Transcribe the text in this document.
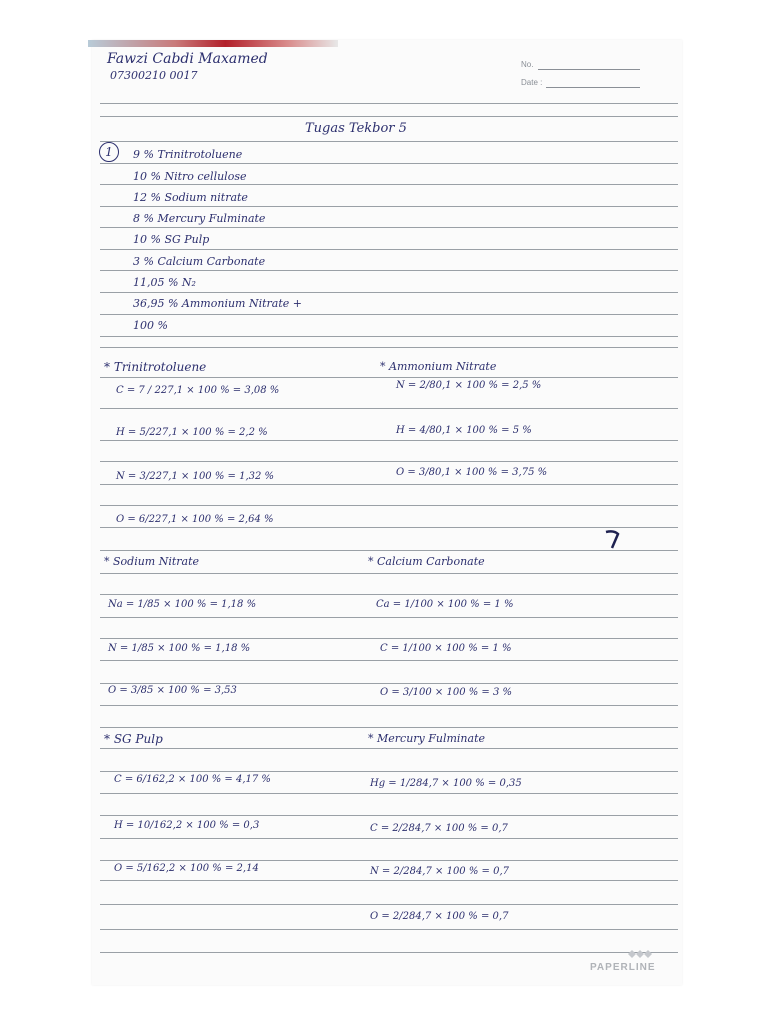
Fawzi Cabdi Maxamed
07300210 0017
No.
Date :
Tugas Tekbor 5
1	9 % Trinitrotoluene
10 % Nitro cellulose
12 % Sodium nitrate
8 % Mercury Fulminate
10 % SG Pulp
3 % Calcium Carbonate
11,05 % N₂
36,95 % Ammonium Nitrate +
100 %
* Trinitrotoluene
C = 7 / 227,1 × 100 % = 3,08 %
H = 5/227,1 × 100 % = 2,2 %
N = 3/227,1 × 100 % = 1,32 %
O = 6/227,1 × 100 % = 2,64 %
* Ammonium Nitrate
N = 2/80,1 × 100 % = 2,5 %
H = 4/80,1 × 100 % = 5 %
O = 3/80,1 × 100 % = 3,75 %
* Sodium Nitrate
Na = 1/85 × 100 % = 1,18 %
N = 1/85 × 100 % = 1,18 %
O = 3/85 × 100 % = 3,53
* Calcium Carbonate
Ca = 1/100 × 100 % = 1 %
C = 1/100 × 100 % = 1 %
O = 3/100 × 100 % = 3 %
* SG Pulp
C = 6/162,2 × 100 % = 4,17 %
H = 10/162,2 × 100 % = 0,3
O = 5/162,2 × 100 % = 2,14
* Mercury Fulminate
Hg = 1/284,7 × 100 % = 0,35
C = 2/284,7 × 100 % = 0,7
N = 2/284,7 × 100 % = 0,7
O = 2/284,7 × 100 % = 0,7
PAPERLINE
